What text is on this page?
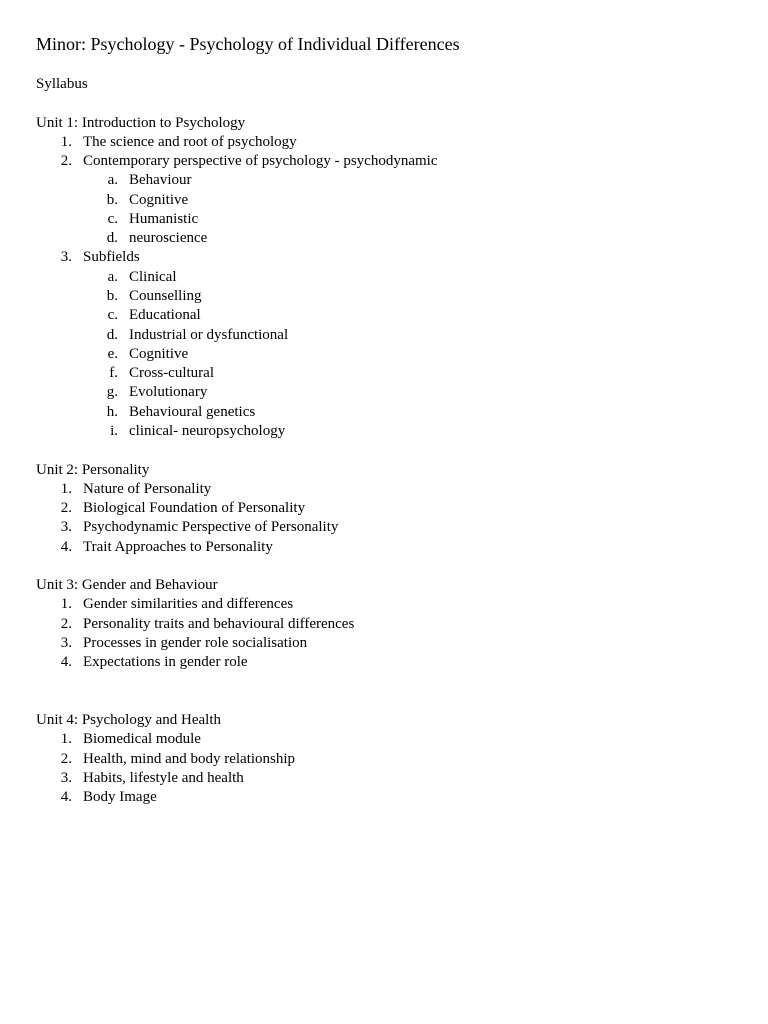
Minor: Psychology - Psychology of Individual Differences
Syllabus
Unit 1: Introduction to Psychology
1. The science and root of psychology
2. Contemporary perspective of psychology - psychodynamic
a. Behaviour
b. Cognitive
c. Humanistic
d. neuroscience
3. Subfields
a. Clinical
b. Counselling
c. Educational
d. Industrial or dysfunctional
e. Cognitive
f. Cross-cultural
g. Evolutionary
h. Behavioural genetics
i. clinical- neuropsychology
Unit 2: Personality
1. Nature of Personality
2. Biological Foundation of Personality
3. Psychodynamic Perspective of Personality
4. Trait Approaches to Personality
Unit 3: Gender and Behaviour
1. Gender similarities and differences
2. Personality traits and behavioural differences
3. Processes in gender role socialisation
4. Expectations in gender role
Unit 4: Psychology and Health
1. Biomedical module
2. Health, mind and body relationship
3. Habits, lifestyle and health
4. Body Image
